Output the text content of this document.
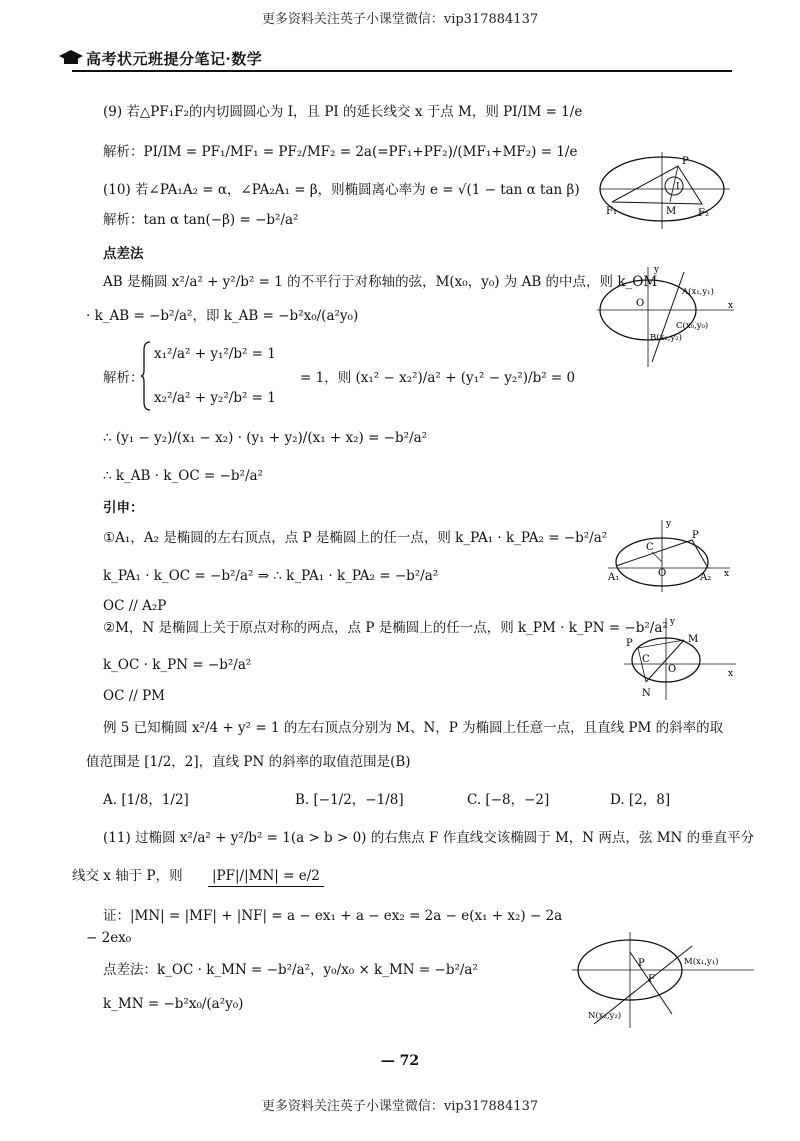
更多资料关注英子小课堂微信：vip317884137
高考状元班提分笔记·数学
(9) 若△PF₁F₂的内切圆圆心为 I，且 PI 的延长线交 x 于点 M，则 PI/IM = 1/e
解析：PI/IM = PF₁/MF₁ = PF₂/MF₂ = 2a(=PF₁+PF₂)/(MF₁+MF₂) = 1/e
(10) 若∠PA₁A₂ = α，∠PA₂A₁ = β，则椭圆离心率为 e = √(1 − tan α tan β)
解析：tan α tan(−β) = −b²/a²
点差法
AB 是椭圆 x²/a² + y²/b² = 1 的不平行于对称轴的弦，M(x₀，y₀) 为 AB 的中点，则 k_OM
· k_AB = −b²/a²，即 k_AB = −b²x₀/(a²y₀)
解析：
x₁²/a² + y₁²/b² = 1
x₂²/a² + y₂²/b² = 1
= 1，则 (x₁² − x₂²)/a² + (y₁² − y₂²)/b² = 0
∴ (y₁ − y₂)/(x₁ − x₂) · (y₁ + y₂)/(x₁ + x₂) = −b²/a²
∴ k_AB · k_OC = −b²/a²
引申：
①A₁，A₂ 是椭圆的左右顶点，点 P 是椭圆上的任一点，则 k_PA₁ · k_PA₂ = −b²/a²
k_PA₁ · k_OC = −b²/a² ⇒ ∴ k_PA₁ · k_PA₂ = −b²/a²
OC // A₂P
②M，N 是椭圆上关于原点对称的两点，点 P 是椭圆上的任一点，则 k_PM · k_PN = −b²/a²
k_OC · k_PN = −b²/a²
OC // PM
例 5 已知椭圆 x²/4 + y² = 1 的左右顶点分别为 M、N，P 为椭圆上任意一点，且直线 PM 的斜率的取
值范围是 [1/2，2]，直线 PN 的斜率的取值范围是(B)
A. [1/8，1/2]	B. [−1/2，−1/8]	C. [−8，−2]	D. [2，8]
(11) 过椭圆 x²/a² + y²/b² = 1(a > b > 0) 的右焦点 F 作直线交该椭圆于 M，N 两点，弦 MN 的垂直平分
线交 x 轴于 P，则 |PF|/|MN| = e/2
证：|MN| = |MF| + |NF| = a − ex₁ + a − ex₂ = 2a − e(x₁ + x₂) − 2a
− 2ex₀
点差法：k_OC · k_MN = −b²/a²，y₀/x₀ × k_MN = −b²/a²
k_MN = −b²x₀/(a²y₀)
P
I
F₁	M F₂
y
x
O
A(x₁,y₁)
C(x₀,y₀)
B(x₂,y₂)
y
x
O
C
P
A₁	A₂
y
x
O
C
P	M
N
P
F
M(x₁,y₁)
N(x₂,y₂)
— 72
更多资料关注英子小课堂微信：vip317884137
